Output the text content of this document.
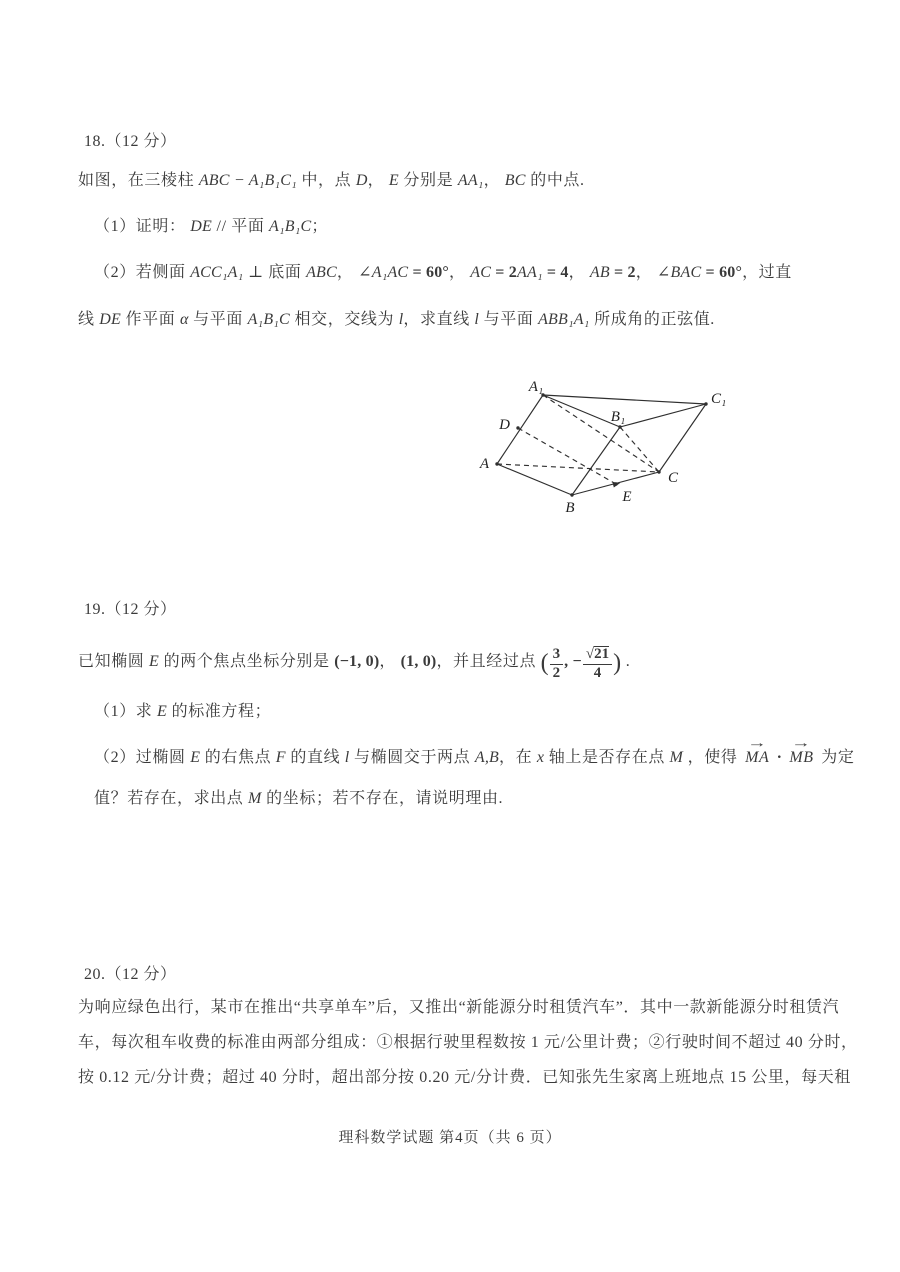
18.（12 分）
如图，在三棱柱 ABC − A₁B₁C₁ 中，点 D， E 分别是 AA₁， BC 的中点.
（1）证明： DE // 平面 A₁B₁C；
（2）若侧面 ACC₁A₁ ⊥ 底面 ABC， ∠A₁AC = 60°， AC = 2AA₁ = 4， AB = 2， ∠BAC = 60°，过直
线 DE 作平面 α 与平面 A₁B₁C 相交，交线为 l，求直线 l 与平面 ABB₁A₁ 所成角的正弦值.
A₁
C₁
B₁
D
A
C
B
E
19.（12 分）
已知椭圆 E 的两个焦点坐标分别是 (−1, 0)， (1, 0)，并且经过点 ( $\frac{3}{2}$ , − $\frac{√21}{4}$ ) .
（1）求 E 的标准方程；
（2）过椭圆 E 的右焦点 F 的直线 l 与椭圆交于两点 A,B，在 x 轴上是否存在点 M ，使得
→
MA ·
→
MB 为定
值？若存在，求出点 M 的坐标；若不存在，请说明理由.
20.（12 分）
为响应绿色出行，某市在推出“共享单车”后，又推出“新能源分时租赁汽车”．其中一款新能源分时租赁汽
车，每次租车收费的标准由两部分组成：①根据行驶里程数按 1 元/公里计费；②行驶时间不超过 40 分时，
按 0.12 元/分计费；超过 40 分时，超出部分按 0.20 元/分计费．已知张先生家离上班地点 15 公里，每天租
理科数学试题 第4页（共 6 页）
